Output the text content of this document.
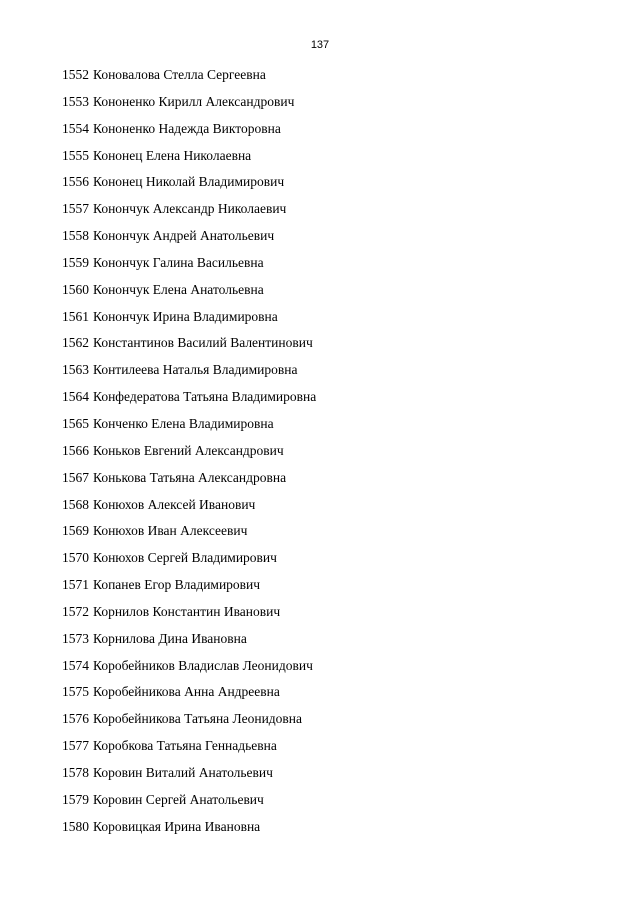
137
1552 Коновалова Стелла Сергеевна
1553 Кононенко Кирилл Александрович
1554 Кононенко Надежда Викторовна
1555 Кононец Елена Николаевна
1556 Кононец Николай Владимирович
1557 Конончук Александр Николаевич
1558 Конончук Андрей Анатольевич
1559 Конончук Галина Васильевна
1560 Конончук Елена Анатольевна
1561 Конончук Ирина Владимировна
1562 Константинов Василий Валентинович
1563 Контилеева Наталья Владимировна
1564 Конфедератова Татьяна Владимировна
1565 Конченко Елена Владимировна
1566 Коньков Евгений Александрович
1567 Конькова Татьяна Александровна
1568 Конюхов Алексей Иванович
1569 Конюхов Иван Алексеевич
1570 Конюхов Сергей Владимирович
1571 Копанев Егор Владимирович
1572 Корнилов Константин Иванович
1573 Корнилова Дина Ивановна
1574 Коробейников Владислав Леонидович
1575 Коробейникова Анна Андреевна
1576 Коробейникова Татьяна Леонидовна
1577 Коробкова Татьяна Геннадьевна
1578 Коровин Виталий Анатольевич
1579 Коровин Сергей Анатольевич
1580 Коровицкая Ирина Ивановна
